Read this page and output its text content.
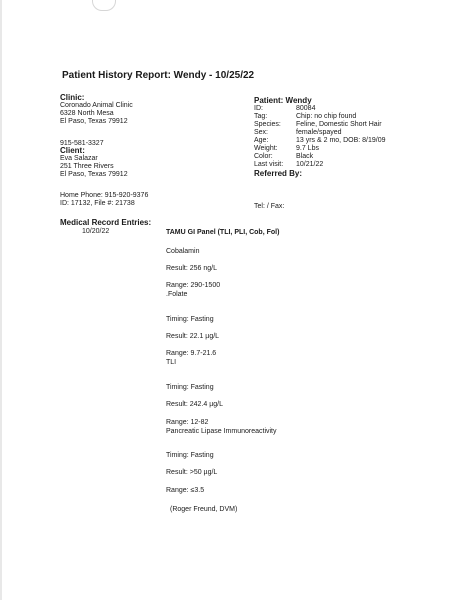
Patient History Report: Wendy - 10/25/22
Clinic:
Coronado Animal Clinic
6328 North Mesa
El Paso, Texas 79912
915-581-3327
Client:
Eva Salazar
251 Three Rivers
El Paso, Texas 79912
Home Phone: 915-920-9376
ID: 17132, File #: 21738
Patient: Wendy
ID:	80084
Tag:	Chip: no chip found
Species:	Feline, Domestic Short Hair
Sex:	female/spayed
Age:	13 yrs & 2 mo, DOB: 8/19/09
Weight:	9.7 Lbs
Color:	Black
Last visit:	10/21/22
Referred By:
Tel: / Fax:
Medical Record Entries:
10/20/22	TAMU GI Panel (TLI, PLI, Cob, Fol)
Cobalamin
Result: 256 ng/L
Range: 290-1500
.Folate
Timing: Fasting
Result: 22.1 µg/L
Range: 9.7-21.6
TLI
Timing: Fasting
Result: 242.4 µg/L
Range: 12-82
Pancreatic Lipase Immunoreactivity
Timing: Fasting
Result: >50 µg/L
Range: ≤3.5
(Roger Freund, DVM)
